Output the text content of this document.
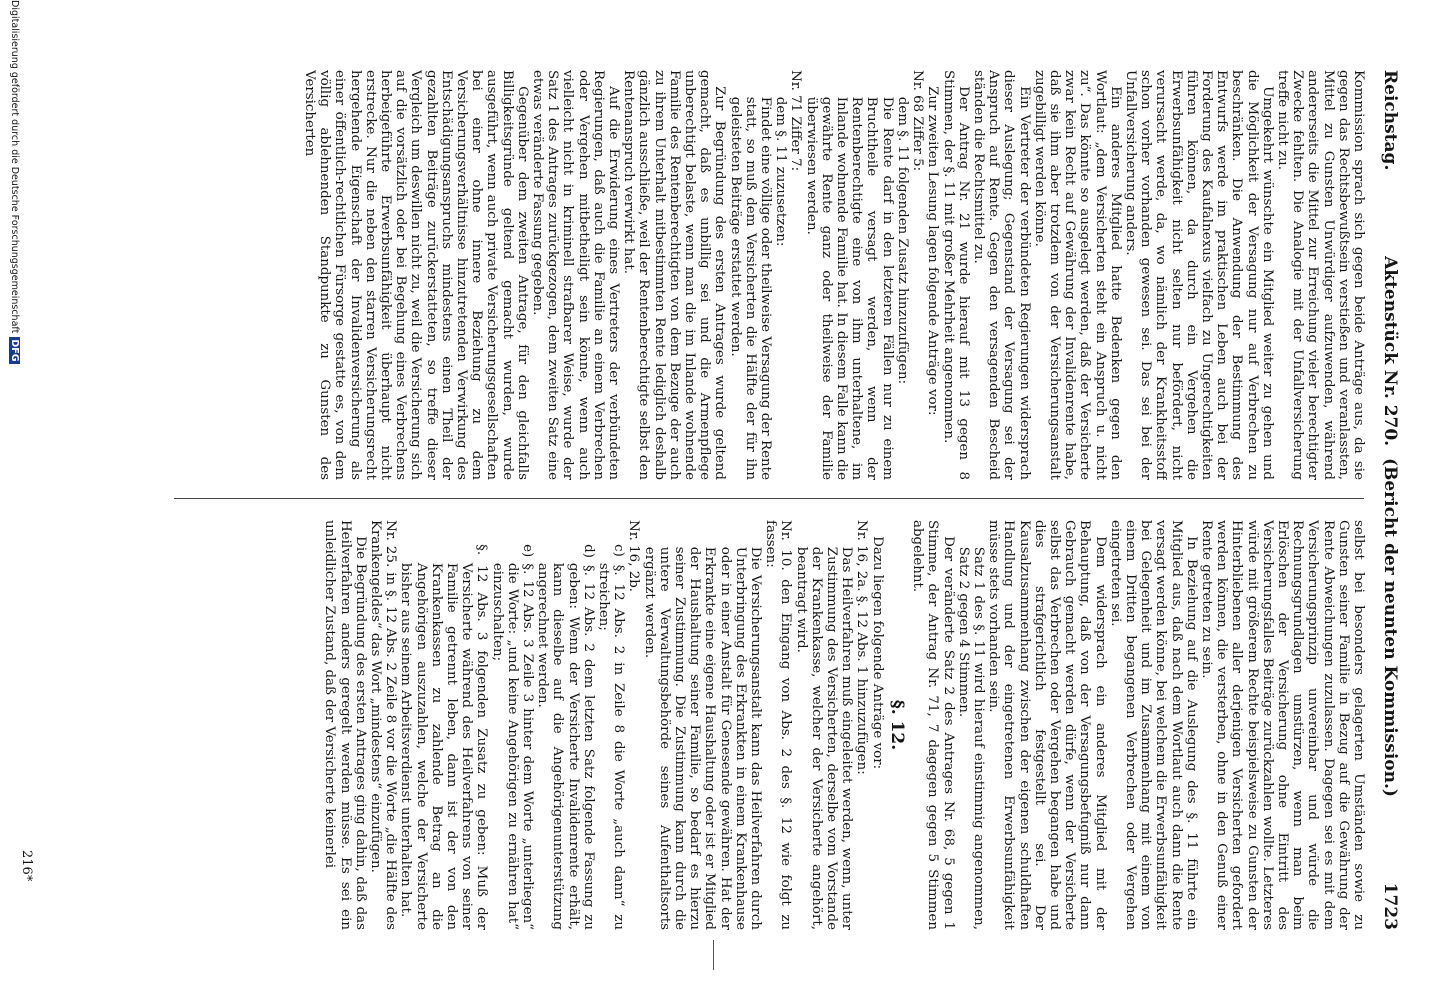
Reichstag.
Aktenstück Nr. 270.  (Bericht der neunten Kommission.)
1723

Kommission sprach sich gegen beide Anträge aus, da sie gegen das Rechtsbewußtsein verstießen und veranlassten, Mittel zu Gunsten Unwürdiger aufzuwenden, während andererseits die Mittel zur Erreichung vieler berechtigter Zwecke fehlten. Die Analogie mit der Unfallversicherung treffe nicht zu.

Umgekehrt wünschte ein Mitglied weiter zu gehen und die Möglichkeit der Versagung nur auf Verbrechen zu beschränken. Die Anwendung der Bestimmung des Entwurfs werde im praktischen Leben auch bei der Forderung des Kaufalnexus vielfach zu Ungerechtigkeiten führen können, da durch ein Vergehen die Erwerbsunfähigkeit nicht selten nur befördert, nicht verursacht werde, da, wo nämlich der Krankheitsstoff schon vorher vorhanden gewesen sei. Das sei bei der Unfallversicherung anders.

Ein anderes Mitglied hatte Bedenken gegen den Wortlaut: „dem Versicherten steht ein Anspruch u. nicht zu“. Das könnte so ausgelegt werden, daß der Versicherte zwar kein Recht auf Gewährung der Invalidenrente habe, daß sie ihm aber trotzdem von der Versicherungsanstalt zugebilligt werden könne.

Ein Vertreter der verbündeten Regierungen widersprach dieser Auslegung; Gegenstand der Versagung sei der Anspruch auf Rente. Gegen den versagenden Bescheid ständen die Rechtsmittel zu.

Der Antrag Nr. 21 wurde hierauf mit 13 gegen 8 Stimmen, der §. 11 mit großer Mehrheit angenommen.

Zur zweiten Lesung lagen folgende Anträge vor:

Nr. 68 Ziffer 5:

dem §. 11 folgenden Zusatz hinzuzufügen:

Die Rente darf in den letzteren Fällen nur zu einem Bruchtheile versagt werden, wenn der Rentenberechtigte eine von ihm unterhaltene, im Inlande wohnende Familie hat. In diesem Falle kann die gewährte Rente ganz oder theilweise der Familie überwiesen werden.

Nr. 71 Ziffer 7:

dem §. 11 zuzusetzen:

Findet eine völlige oder theilweise Versagung der Rente statt, so muß dem Versicherten die Hälfte der für ihn geleisteten Beiträge erstattet werden.

Zur Begründung des ersten Antrages wurde geltend gemacht, daß es unbillig sei und die Armenpflege unberechtigt belaste, wenn man die im Inlande wohnende Familie des Rentenberechtigten von dem Bezuge der auch zu ihrem Unterhalt mitbestimmten Rente lediglich deshalb gänzlich ausschließe, weil der Rentenberechtigte selbst den Rentenanspruch verwirkt hat.

Auf die Erwiderung eines Vertreters der verbündeten Regierungen, daß auch die Familie an einem Verbrechen oder Vergehen mitbetheiligt sein könne, wenn auch vielleicht nicht in kriminell strafbarer Weise, wurde der Satz 1 des Antrages zurückgezogen, dem zweiten Satz eine etwas veränderte Fassung gegeben.

Gegenüber dem zweiten Antrage, für den gleichfalls Billigkeitsgründe geltend gemacht wurden, wurde ausgeführt, wenn auch private Versicherungsgesellschaften bei einer ohne innere Beziehung zu dem Versicherungsverhältnisse hinzutretenden Verwirkung des Entschädigungsanspruchs mindestens einen Theil der gezahlten Beiträge zurückerstatteten, so treffe dieser Vergleich um deswillen nicht zu, weil die Versicherung sich auf die vorsätzlich oder bei Begehung eines Verbrechens herbeigeführte Erwerbsunfähigkeit überhaupt nicht erstrecke. Nur die neben den starren Versicherungsrecht hergehende Eigenschaft der Invalidenversicherung als einer öffentlich-rechtlichen Fürsorge gestatte es, von dem völlig ablehnenden Standpunkte zu Gunsten des Versicherten

selbst bei besonders gelagerten Umständen sowie zu Gunsten seiner Familie in Bezug auf die Gewährung der Rente Abweichungen zuzulassen. Dagegen sei es mit dem Versicherungsprinzip unvereinbar und würde die Rechnungsgrundlagen umstürzen, wenn man beim Erlöschen der Versicherung ohne Eintritt des Versicherungsfalles Beiträge zurückzahlen wollte. Letzteres würde mit größerem Rechte beispielsweise zu Gunsten der Hinterbliebenen aller derjenigen Versicherten gefordert werden können, die versterben, ohne in den Genuß einer Rente getreten zu sein.

In Beziehung auf die Auslegung des §. 11 führte ein Mitglied aus, daß nach dem Wortlaut auch dann die Rente versagt werden könne, bei welchem die Erwerbsunfähigkeit bei Gelegenheit und im Zusammenhang mit einem von einem Dritten begangenen Verbrechen oder Vergehen eingetreten sei.

Dem widersprach ein anderes Mitglied mit der Behauptung, daß von der Versagungsbefugniß nur dann Gebrauch gemacht werden dürfe, wenn der Versicherte selbst das Verbrechen oder Vergehen begangen habe und dies strafgerichtlich festgestellt sei. Der Kausalzusammenhang zwischen der eigenen schuldhaften Handlung und der eingetretenen Erwerbsunfähigkeit müsse stets vorhanden sein.

Satz 1 des §. 11 wird hierauf einstimmig angenommen, Satz 2 gegen 4 Stimmen.

Der veränderte Satz 2 des Antrages Nr. 68, 5 gegen 1 Stimme, der Antrag Nr. 71, 7 dagegen gegen 5 Stimmen abgelehnt.

§. 12.

Dazu liegen folgende Anträge vor:

Nr. 16, 2a. §. 12 Abs. 1 hinzuzufügen:

Das Heilverfahren muß eingeleitet werden, wenn, unter Zustimmung des Versicherten, derselbe vom Vorstande der Krankenkasse, welcher der Versicherte angehört, beantragt wird.

Nr. 10. den Eingang von Abs. 2 des §. 12 wie folgt zu fassen:

Die Versicherungsanstalt kann das Heilverfahren durch Unterbringung des Erkrankten in einem Krankenhause oder in einer Anstalt für Genesende gewähren. Hat der Erkrankte eine eigene Haushaltung oder ist er Mitglied der Haushaltung seiner Familie, so bedarf es hierzu seiner Zustimmung. Die Zustimmung kann durch die untere Verwaltungsbehörde seines Aufenthaltsorts ergänzt werden.

Nr. 16, 2b.

c) §. 12 Abs. 2 in Zeile 8 die Worte „auch dann“ zu streichen;

d) §. 12 Abs. 2 dem letzten Satz folgende Fassung zu geben: Wenn der Versicherte Invalidenrente erhält, kann dieselbe auf die Angehörigenunterstützung angerechnet werden.

e) §. 12 Abs. 3 Zeile 3 hinter dem Worte „unterliegen“ die Worte: „und keine Angehörigen zu ernähren hat“ einzuschalten;

§. 12 Abs. 3 folgenden Zusatz zu geben: Muß der Versicherte während des Heilverfahrens von seiner Familie getrennt leben, dann ist der von den Krankenkassen zu zahlende Betrag an die Angehörigen auszuzahlen, welche der Versicherte bisher aus seinem Arbeitsverdienst unterhalten hat.

Nr. 25. in §. 12 Abs. 2 Zeile 8 vor die Worte „die Hälfte des Krankengeldes“ das Wort „mindestens“ einzufügen.

Die Begründung des ersten Antrages ging dahin, daß das Heilverfahren anders geregelt werden müsse. Es sei ein unleidlicher Zustand, daß der Versicherte keinerlei

216*
Digitalisierung gefördert durch die Deutsche ForschungsgemeinschaftDFG
